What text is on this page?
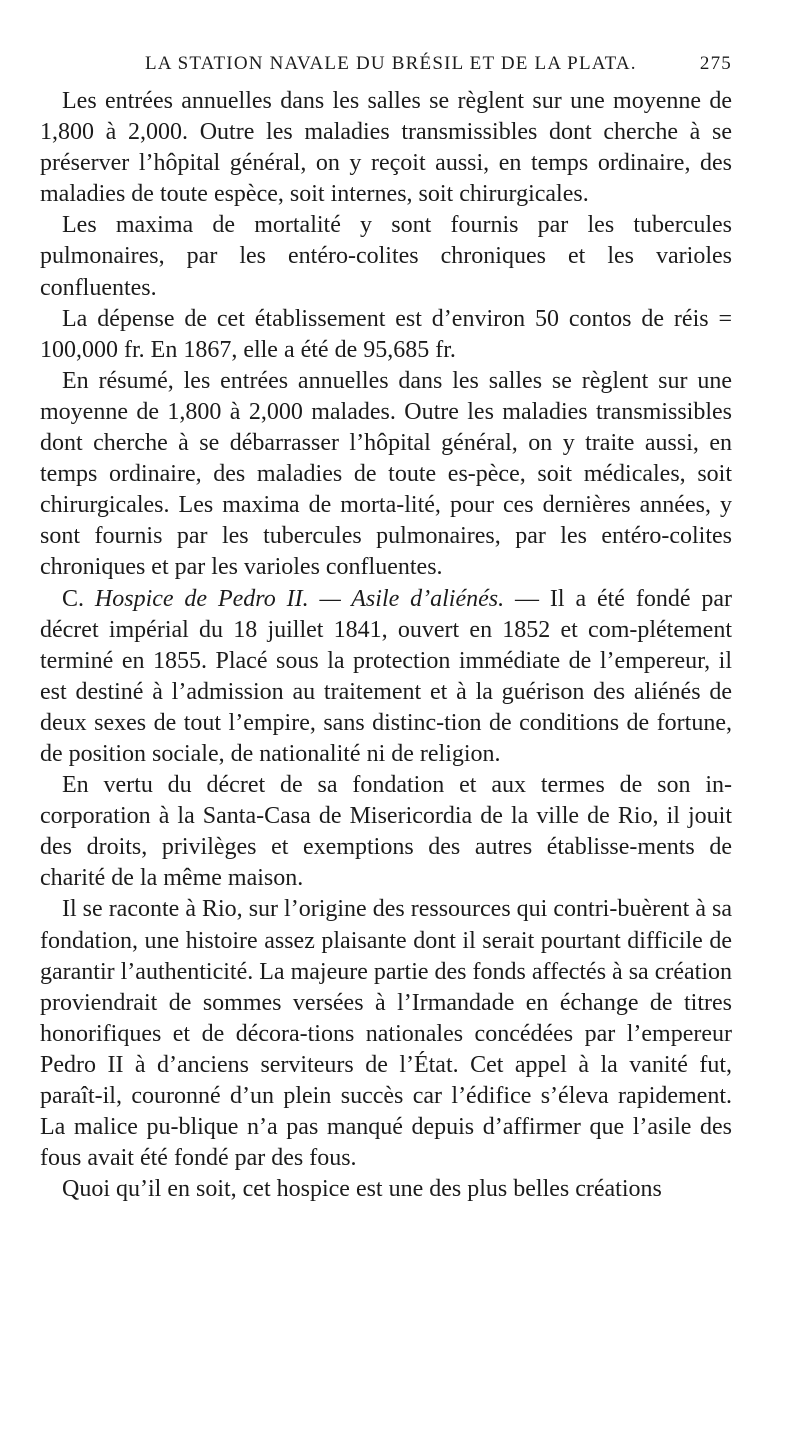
LA STATION NAVALE DU BRÉSIL ET DE LA PLATA.	275

Les entrées annuelles dans les salles se règlent sur une moyenne de 1,800 à 2,000. Outre les maladies transmissibles dont cherche à se préserver l’hôpital général, on y reçoit aussi, en temps ordinaire, des maladies de toute espèce, soit internes, soit chirurgicales.

Les maxima de mortalité y sont fournis par les tubercules pulmonaires, par les entéro-colites chroniques et les varioles confluentes.

La dépense de cet établissement est d’environ 50 contos de réis = 100,000 fr. En 1867, elle a été de 95,685 fr.

En résumé, les entrées annuelles dans les salles se règlent sur une moyenne de 1,800 à 2,000 malades. Outre les maladies transmissibles dont cherche à se débarrasser l’hôpital général, on y traite aussi, en temps ordinaire, des maladies de toute es-pèce, soit médicales, soit chirurgicales. Les maxima de morta-lité, pour ces dernières années, y sont fournis par les tubercules pulmonaires, par les entéro-colites chroniques et par les varioles confluentes.

C. Hospice de Pedro II. — Asile d’aliénés. — Il a été fondé par décret impérial du 18 juillet 1841, ouvert en 1852 et com-plétement terminé en 1855. Placé sous la protection immédiate de l’empereur, il est destiné à l’admission au traitement et à la guérison des aliénés de deux sexes de tout l’empire, sans distinc-tion de conditions de fortune, de position sociale, de nationalité ni de religion.

En vertu du décret de sa fondation et aux termes de son in-corporation à la Santa-Casa de Misericordia de la ville de Rio, il jouit des droits, privilèges et exemptions des autres établisse-ments de charité de la même maison.

Il se raconte à Rio, sur l’origine des ressources qui contri-buèrent à sa fondation, une histoire assez plaisante dont il serait pourtant difficile de garantir l’authenticité. La majeure partie des fonds affectés à sa création proviendrait de sommes versées à l’Irmandade en échange de titres honorifiques et de décora-tions nationales concédées par l’empereur Pedro II à d’anciens serviteurs de l’État. Cet appel à la vanité fut, paraît-il, couronné d’un plein succès car l’édifice s’éleva rapidement. La malice pu-blique n’a pas manqué depuis d’affirmer que l’asile des fous avait été fondé par des fous.

Quoi qu’il en soit, cet hospice est une des plus belles créations
